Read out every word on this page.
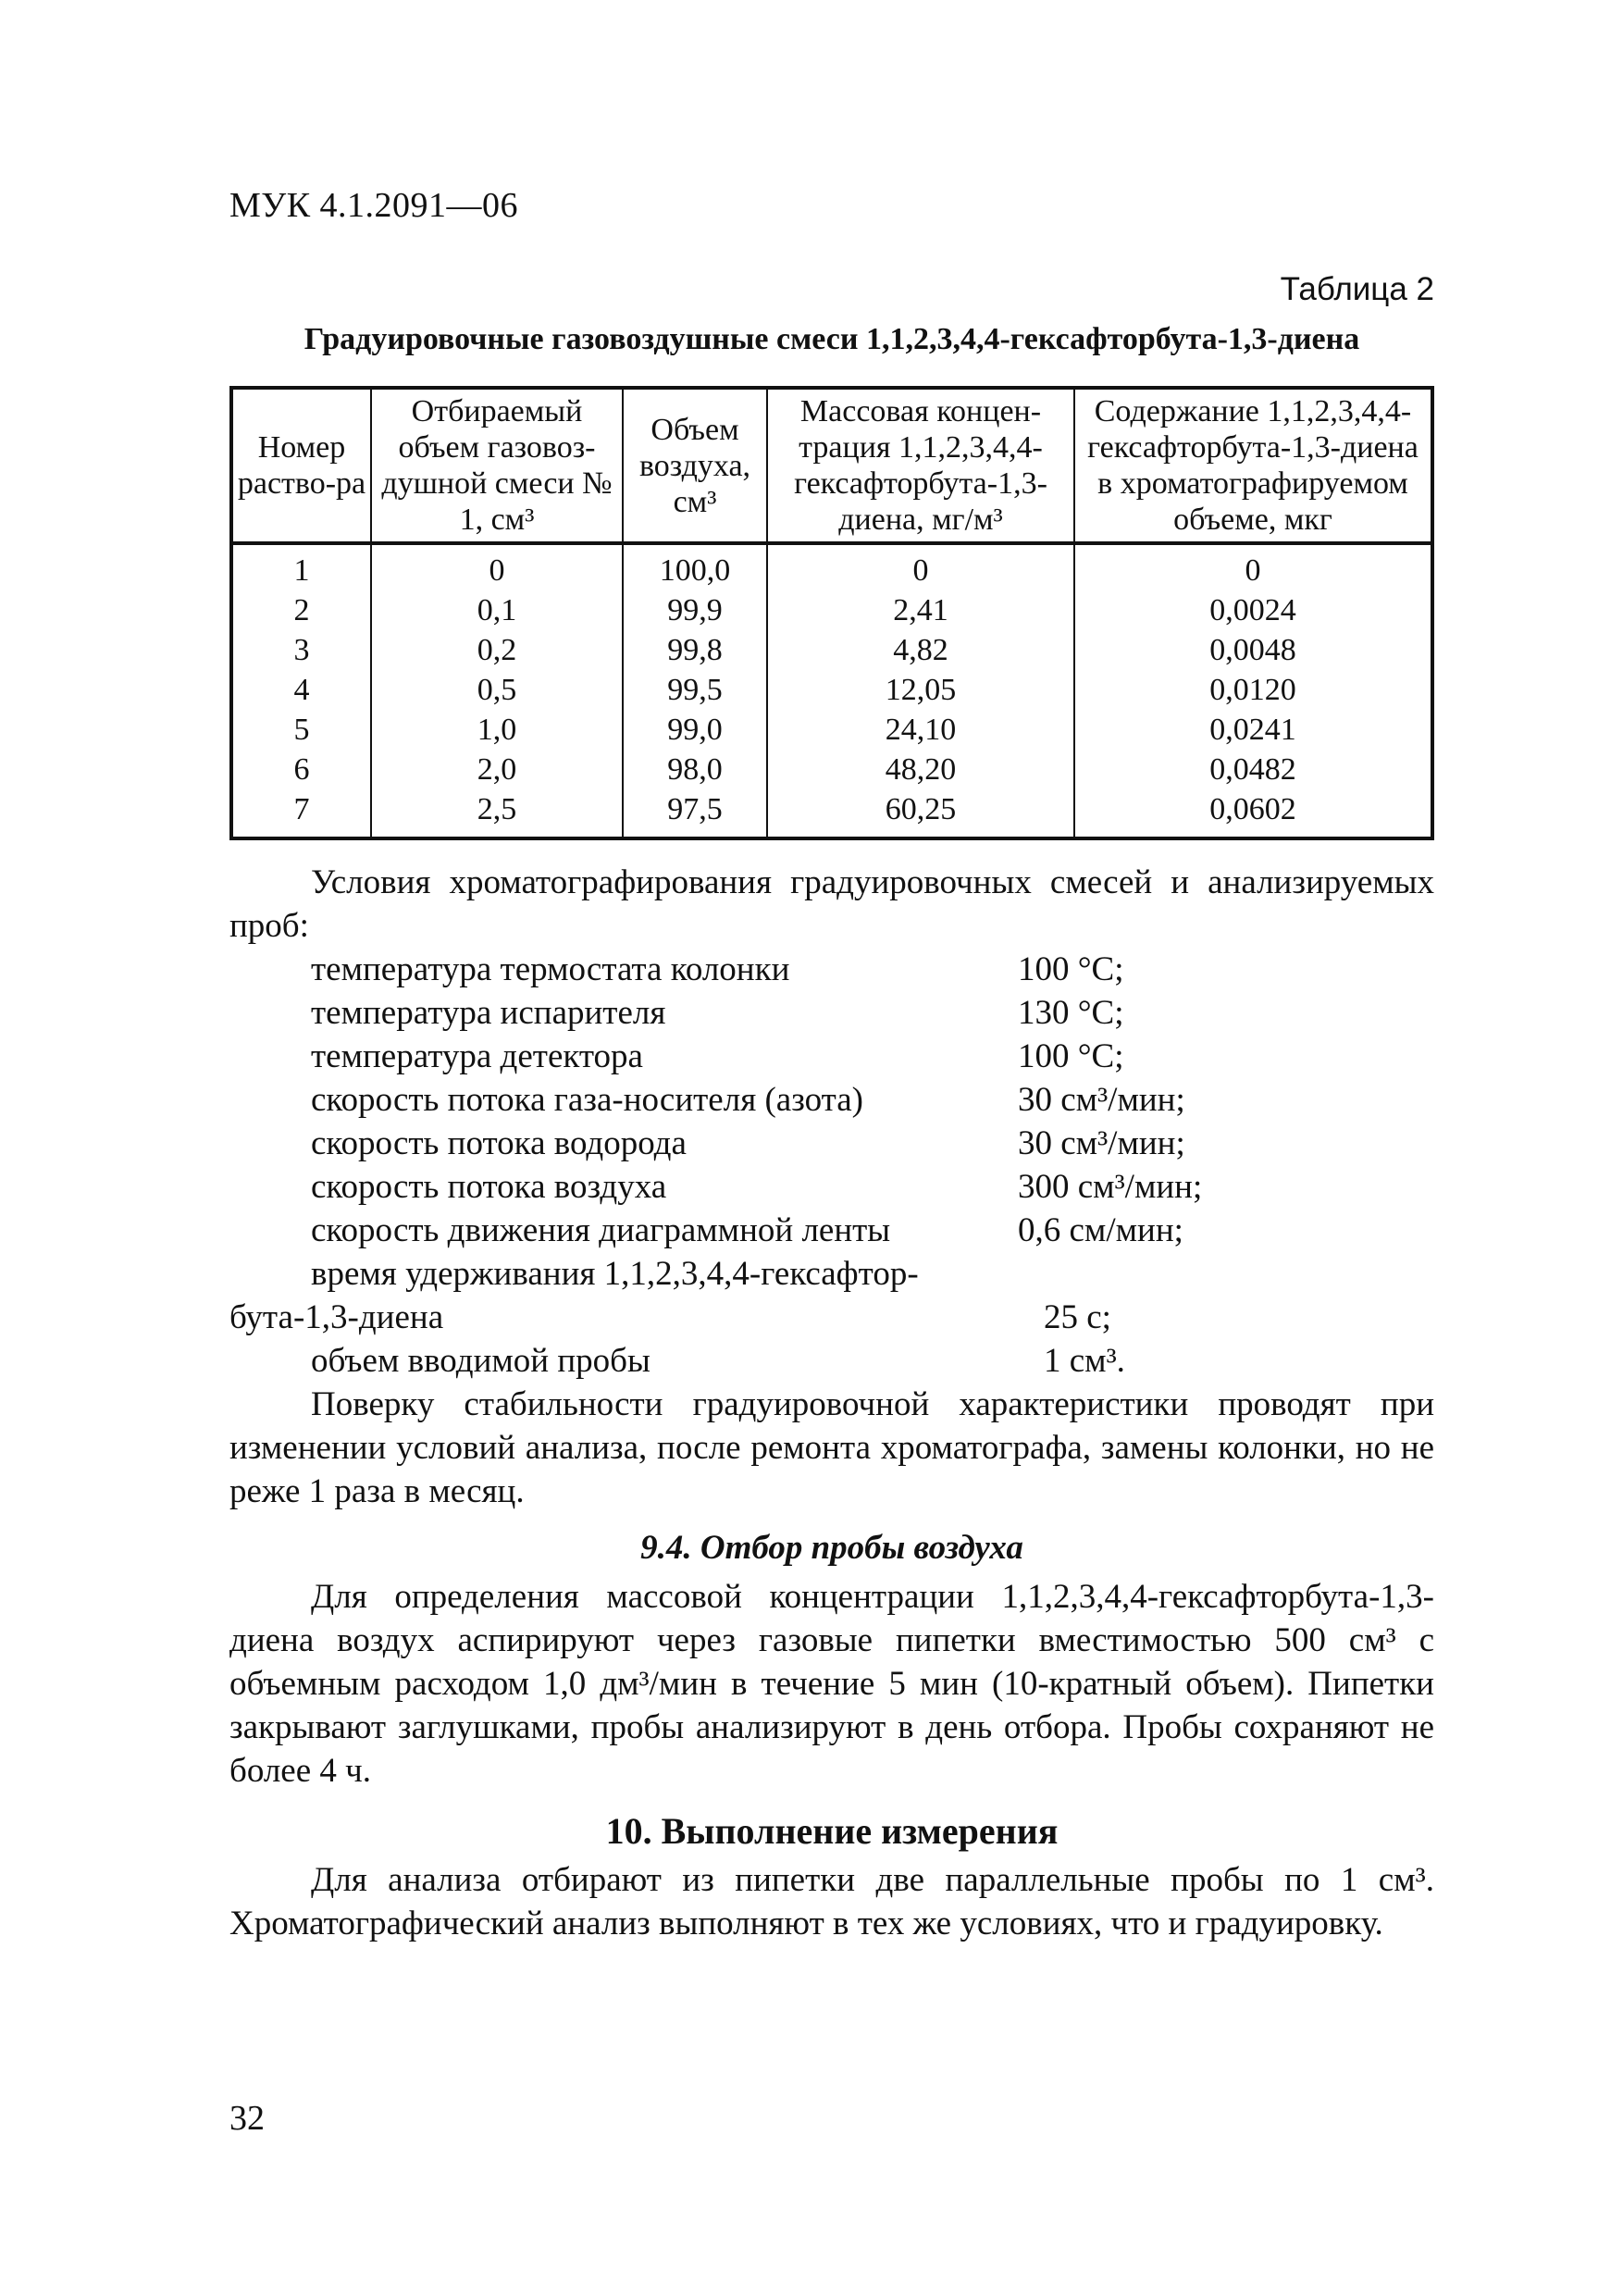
МУК 4.1.2091—06
Таблица 2
Градуировочные газовоздушные смеси 1,1,2,3,4,4-гексафторбута-1,3-диена
Номер раство-ра	Отбираемый объем газовоз-душной смеси № 1, см³	Объем воздуха, см³	Массовая концен-трация 1,1,2,3,4,4-гексафторбута-1,3-диена, мг/м³	Содержание 1,1,2,3,4,4-гексафторбута-1,3-диена в хроматографируемом объеме, мкг
1	0	100,0	0	0
2	0,1	99,9	2,41	0,0024
3	0,2	99,8	4,82	0,0048
4	0,5	99,5	12,05	0,0120
5	1,0	99,0	24,10	0,0241
6	2,0	98,0	48,20	0,0482
7	2,5	97,5	60,25	0,0602

Условия хроматографирования градуировочных смесей и анализируемых проб:

температура термостата колонки	100 °C;
температура испарителя	130 °C;
температура детектора	100 °C;
скорость потока газа-носителя (азота)	30 см³/мин;
скорость потока водорода	30 см³/мин;
скорость потока воздуха	300 см³/мин;
скорость движения диаграммной ленты	0,6 см/мин;
время удерживания 1,1,2,3,4,4-гексафтор-бута-1,3-диена	25 с;
объем вводимой пробы	1 см³.

Поверку стабильности градуировочной характеристики проводят при изменении условий анализа, после ремонта хроматографа, замены колонки, но не реже 1 раза в месяц.

9.4. Отбор пробы воздуха

Для определения массовой концентрации 1,1,2,3,4,4-гексафторбута-1,3-диена воздух аспирируют через газовые пипетки вместимостью 500 см³ с объемным расходом 1,0 дм³/мин в течение 5 мин (10-кратный объем). Пипетки закрывают заглушками, пробы анализируют в день отбора. Пробы сохраняют не более 4 ч.

10. Выполнение измерения

Для анализа отбирают из пипетки две параллельные пробы по 1 см³. Хроматографический анализ выполняют в тех же условиях, что и градуировку.

32
